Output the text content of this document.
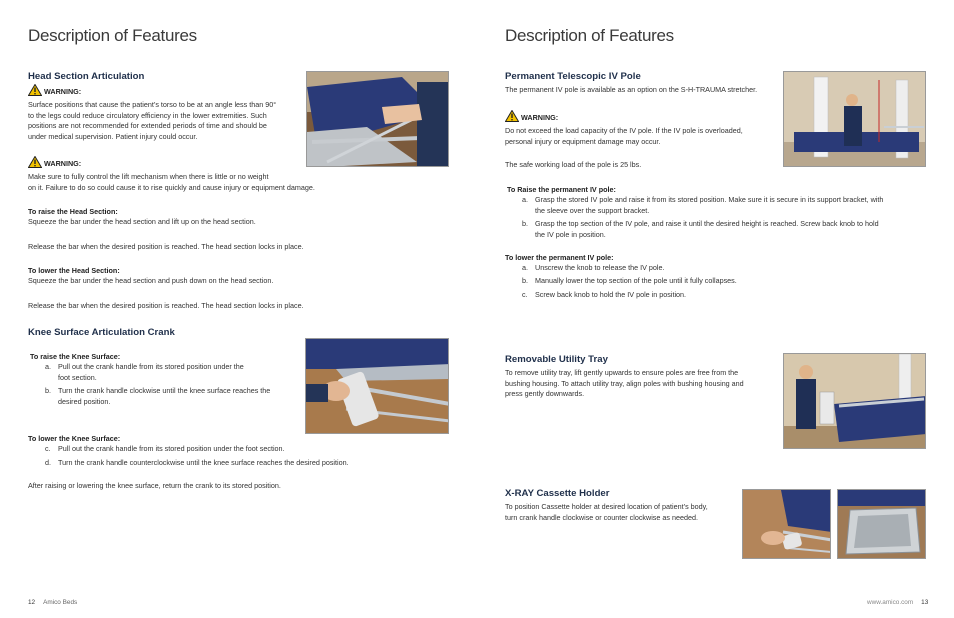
Description of Features
Head Section Articulation
WARNING:
Surface positions that cause the patient’s torso to be at an angle less than 90°
to the legs could reduce circulatory efficiency in the lower extremities. Such
positions are not recommended for extended periods of time and should be
under medical supervision. Patient injury could occur.
WARNING:
Make sure to fully control the lift mechanism when there is little or no weight
on it. Failure to do so could cause it to rise quickly and cause injury or equipment damage.
To raise the Head Section:
Squeeze the bar under the head section and lift up on the head section.
Release the bar when the desired position is reached. The head section locks in place.
To lower the Head Section:
Squeeze the bar under the head section and push down on the head section.
Release the bar when the desired position is reached. The head section locks in place.
Knee Surface Articulation Crank
To raise the Knee Surface:
a. Pull out the crank handle from its stored position under the
foot section.
b. Turn the crank handle clockwise until the knee surface reaches the
desired position.
To lower the Knee Surface:
c. Pull out the crank handle from its stored position under the foot section.
d. Turn the crank handle counterclockwise until the knee surface reaches the desired position.
After raising or lowering the knee surface, return the crank to its stored position.
12 Amico Beds
Description of Features
Permanent Telescopic IV Pole
The permanent IV pole is available as an option on the S-H-TRAUMA stretcher.
WARNING:
Do not exceed the load capacity of the IV pole. If the IV pole is overloaded,
personal injury or equipment damage may occur.
The safe working load of the pole is 25 lbs.
To Raise the permanent IV pole:
a. Grasp the stored IV pole and raise it from its stored position. Make sure it is secure in its support bracket, with
the sleeve over the support bracket.
b. Grasp the top section of the IV pole, and raise it until the desired height is reached. Screw back knob to hold
the IV pole in position.
To lower the permanent IV pole:
a. Unscrew the knob to release the IV pole.
b. Manually lower the top section of the pole until it fully collapses.
c. Screw back knob to hold the IV pole in position.
Removable Utility Tray
To remove utility tray, lift gently upwards to ensure poles are free from the
bushing housing. To attach utility tray, align poles with bushing housing and
press gently downwards.
X-RAY Cassette Holder
To position Cassette holder at desired location of patient’s body,
turn crank handle clockwise or counter clockwise as needed.
www.amico.com 13
